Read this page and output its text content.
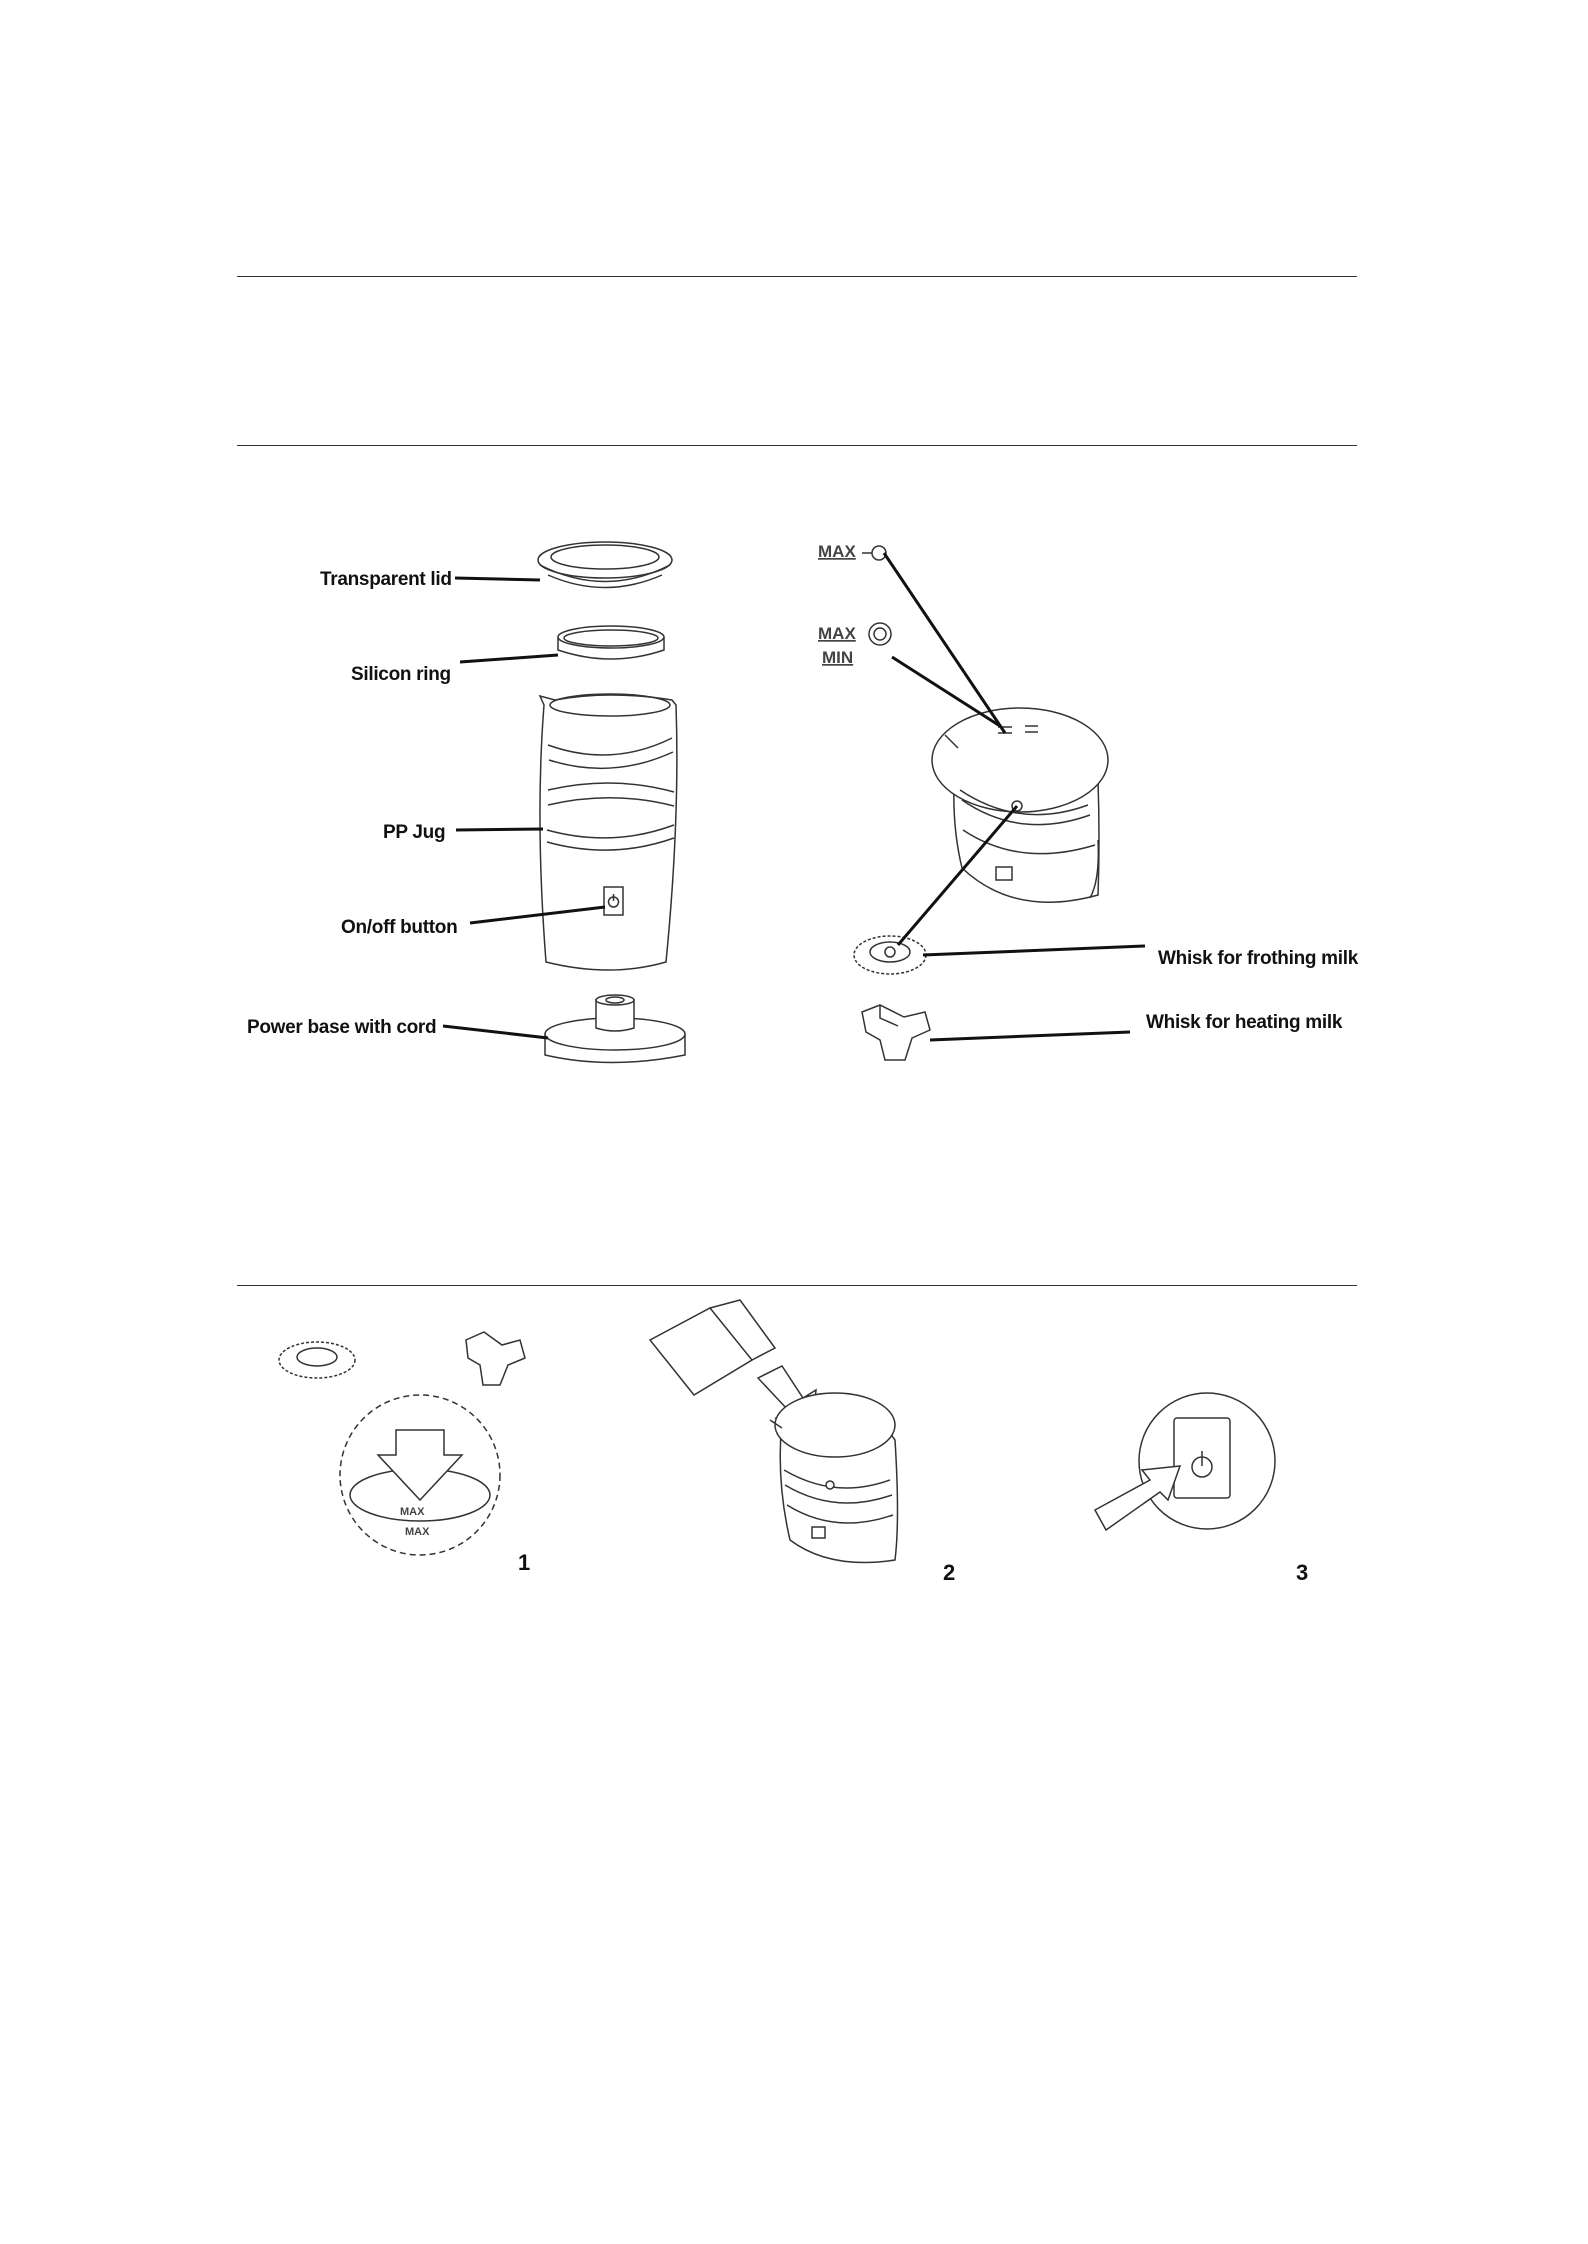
Transparent lid
Silicon ring
PP Jug
On/off button
Power base with cord
MAX
MAX
MIN
Whisk for frothing milk
Whisk for heating milk
MAX
MAX
1	2	3
